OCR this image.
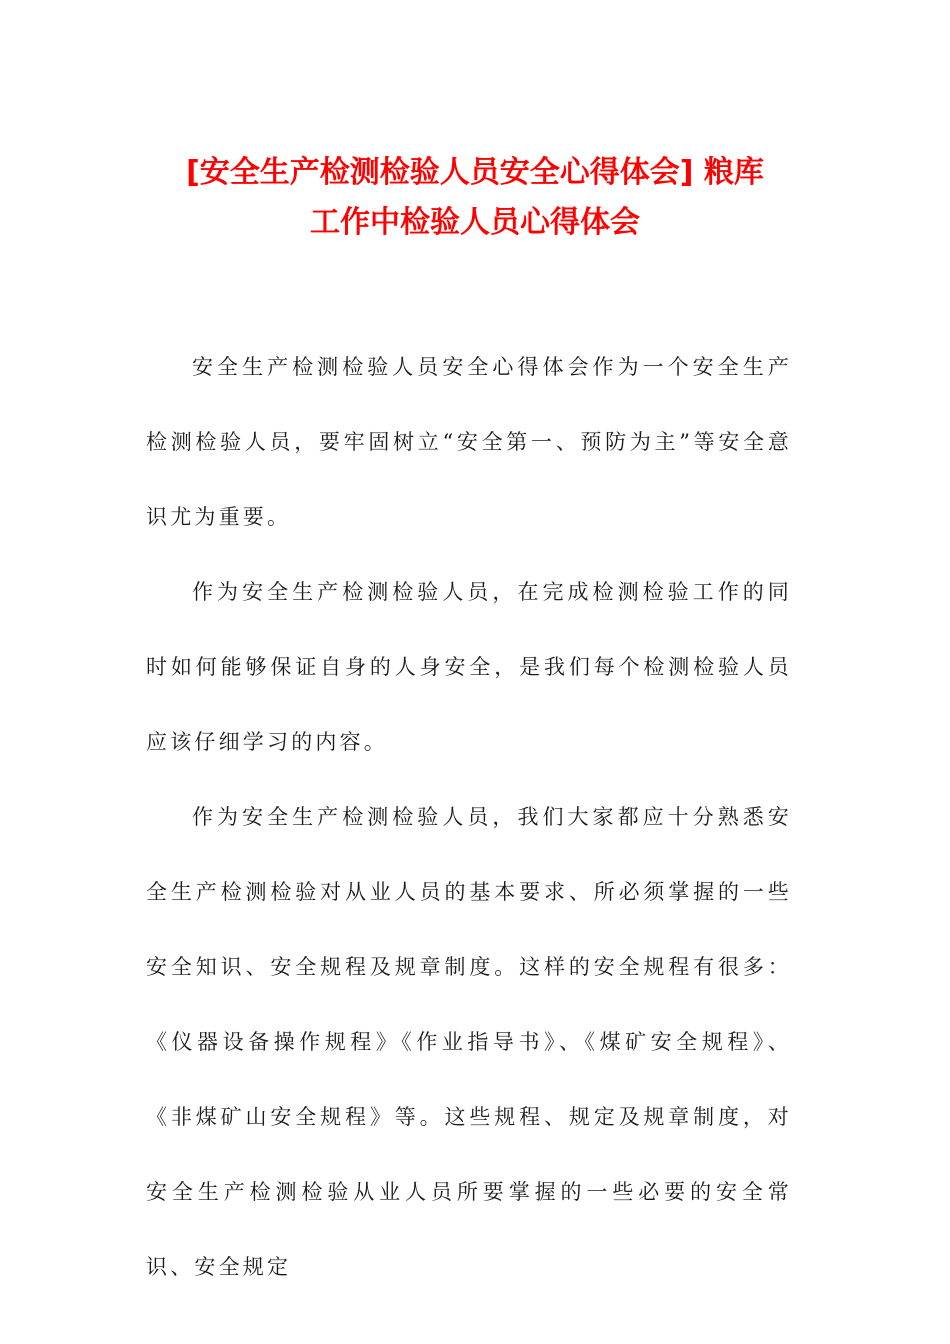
[安全生产检测检验人员安全心得体会] 粮库
工作中检验人员心得体会

安全生产检测检验人员安全心得体会作为一个安全生产检测检验人员，要牢固树立“安全第一、预防为主”等安全意识尤为重要。

作为安全生产检测检验人员，在完成检测检验工作的同时如何能够保证自身的人身安全，是我们每个检测检验人员应该仔细学习的内容。

作为安全生产检测检验人员，我们大家都应十分熟悉安全生产检测检验对从业人员的基本要求、所必须掌握的一些安全知识、安全规程及规章制度。这样的安全规程有很多：《仪器设备操作规程》《作业指导书》、《煤矿安全规程》、《非煤矿山安全规程》等。这些规程、规定及规章制度，对安全生产检测检验从业人员所要掌握的一些必要的安全常识、安全规定
